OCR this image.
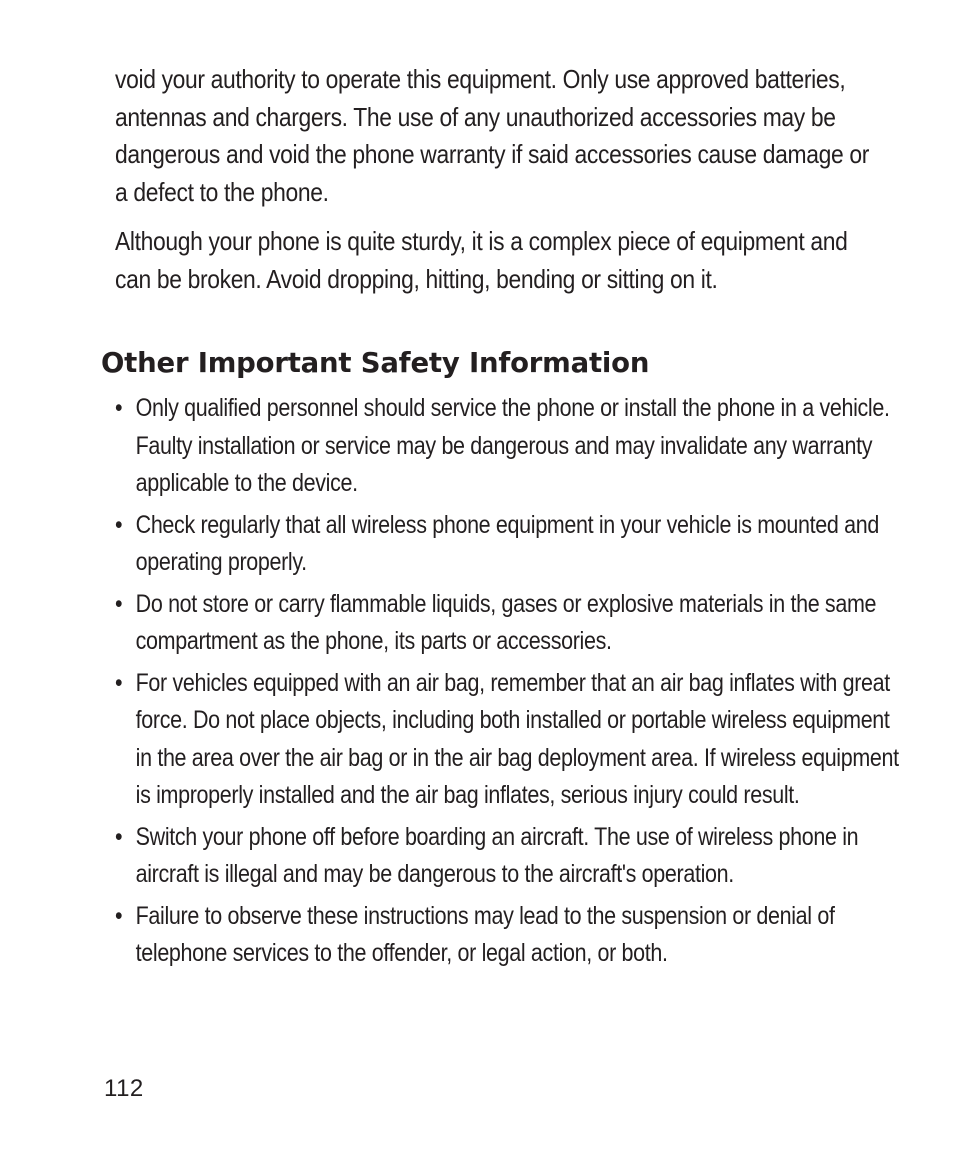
void your authority to operate this equipment. Only use approved batteries, antennas and chargers. The use of any unauthorized accessories may be dangerous and void the phone warranty if said accessories cause damage or a defect to the phone.

Although your phone is quite sturdy, it is a complex piece of equipment and can be broken. Avoid dropping, hitting, bending or sitting on it.

Other Important Safety Information
• Only qualified personnel should service the phone or install the phone in a vehicle. Faulty installation or service may be dangerous and may invalidate any warranty applicable to the device.
• Check regularly that all wireless phone equipment in your vehicle is mounted and operating properly.
• Do not store or carry flammable liquids, gases or explosive materials in the same compartment as the phone, its parts or accessories.
• For vehicles equipped with an air bag, remember that an air bag inflates with great force. Do not place objects, including both installed or portable wireless equipment in the area over the air bag or in the air bag deployment area. If wireless equipment is improperly installed and the air bag inflates, serious injury could result.
• Switch your phone off before boarding an aircraft. The use of wireless phone in aircraft is illegal and may be dangerous to the aircraft's operation.
• Failure to observe these instructions may lead to the suspension or denial of telephone services to the offender, or legal action, or both.
112
